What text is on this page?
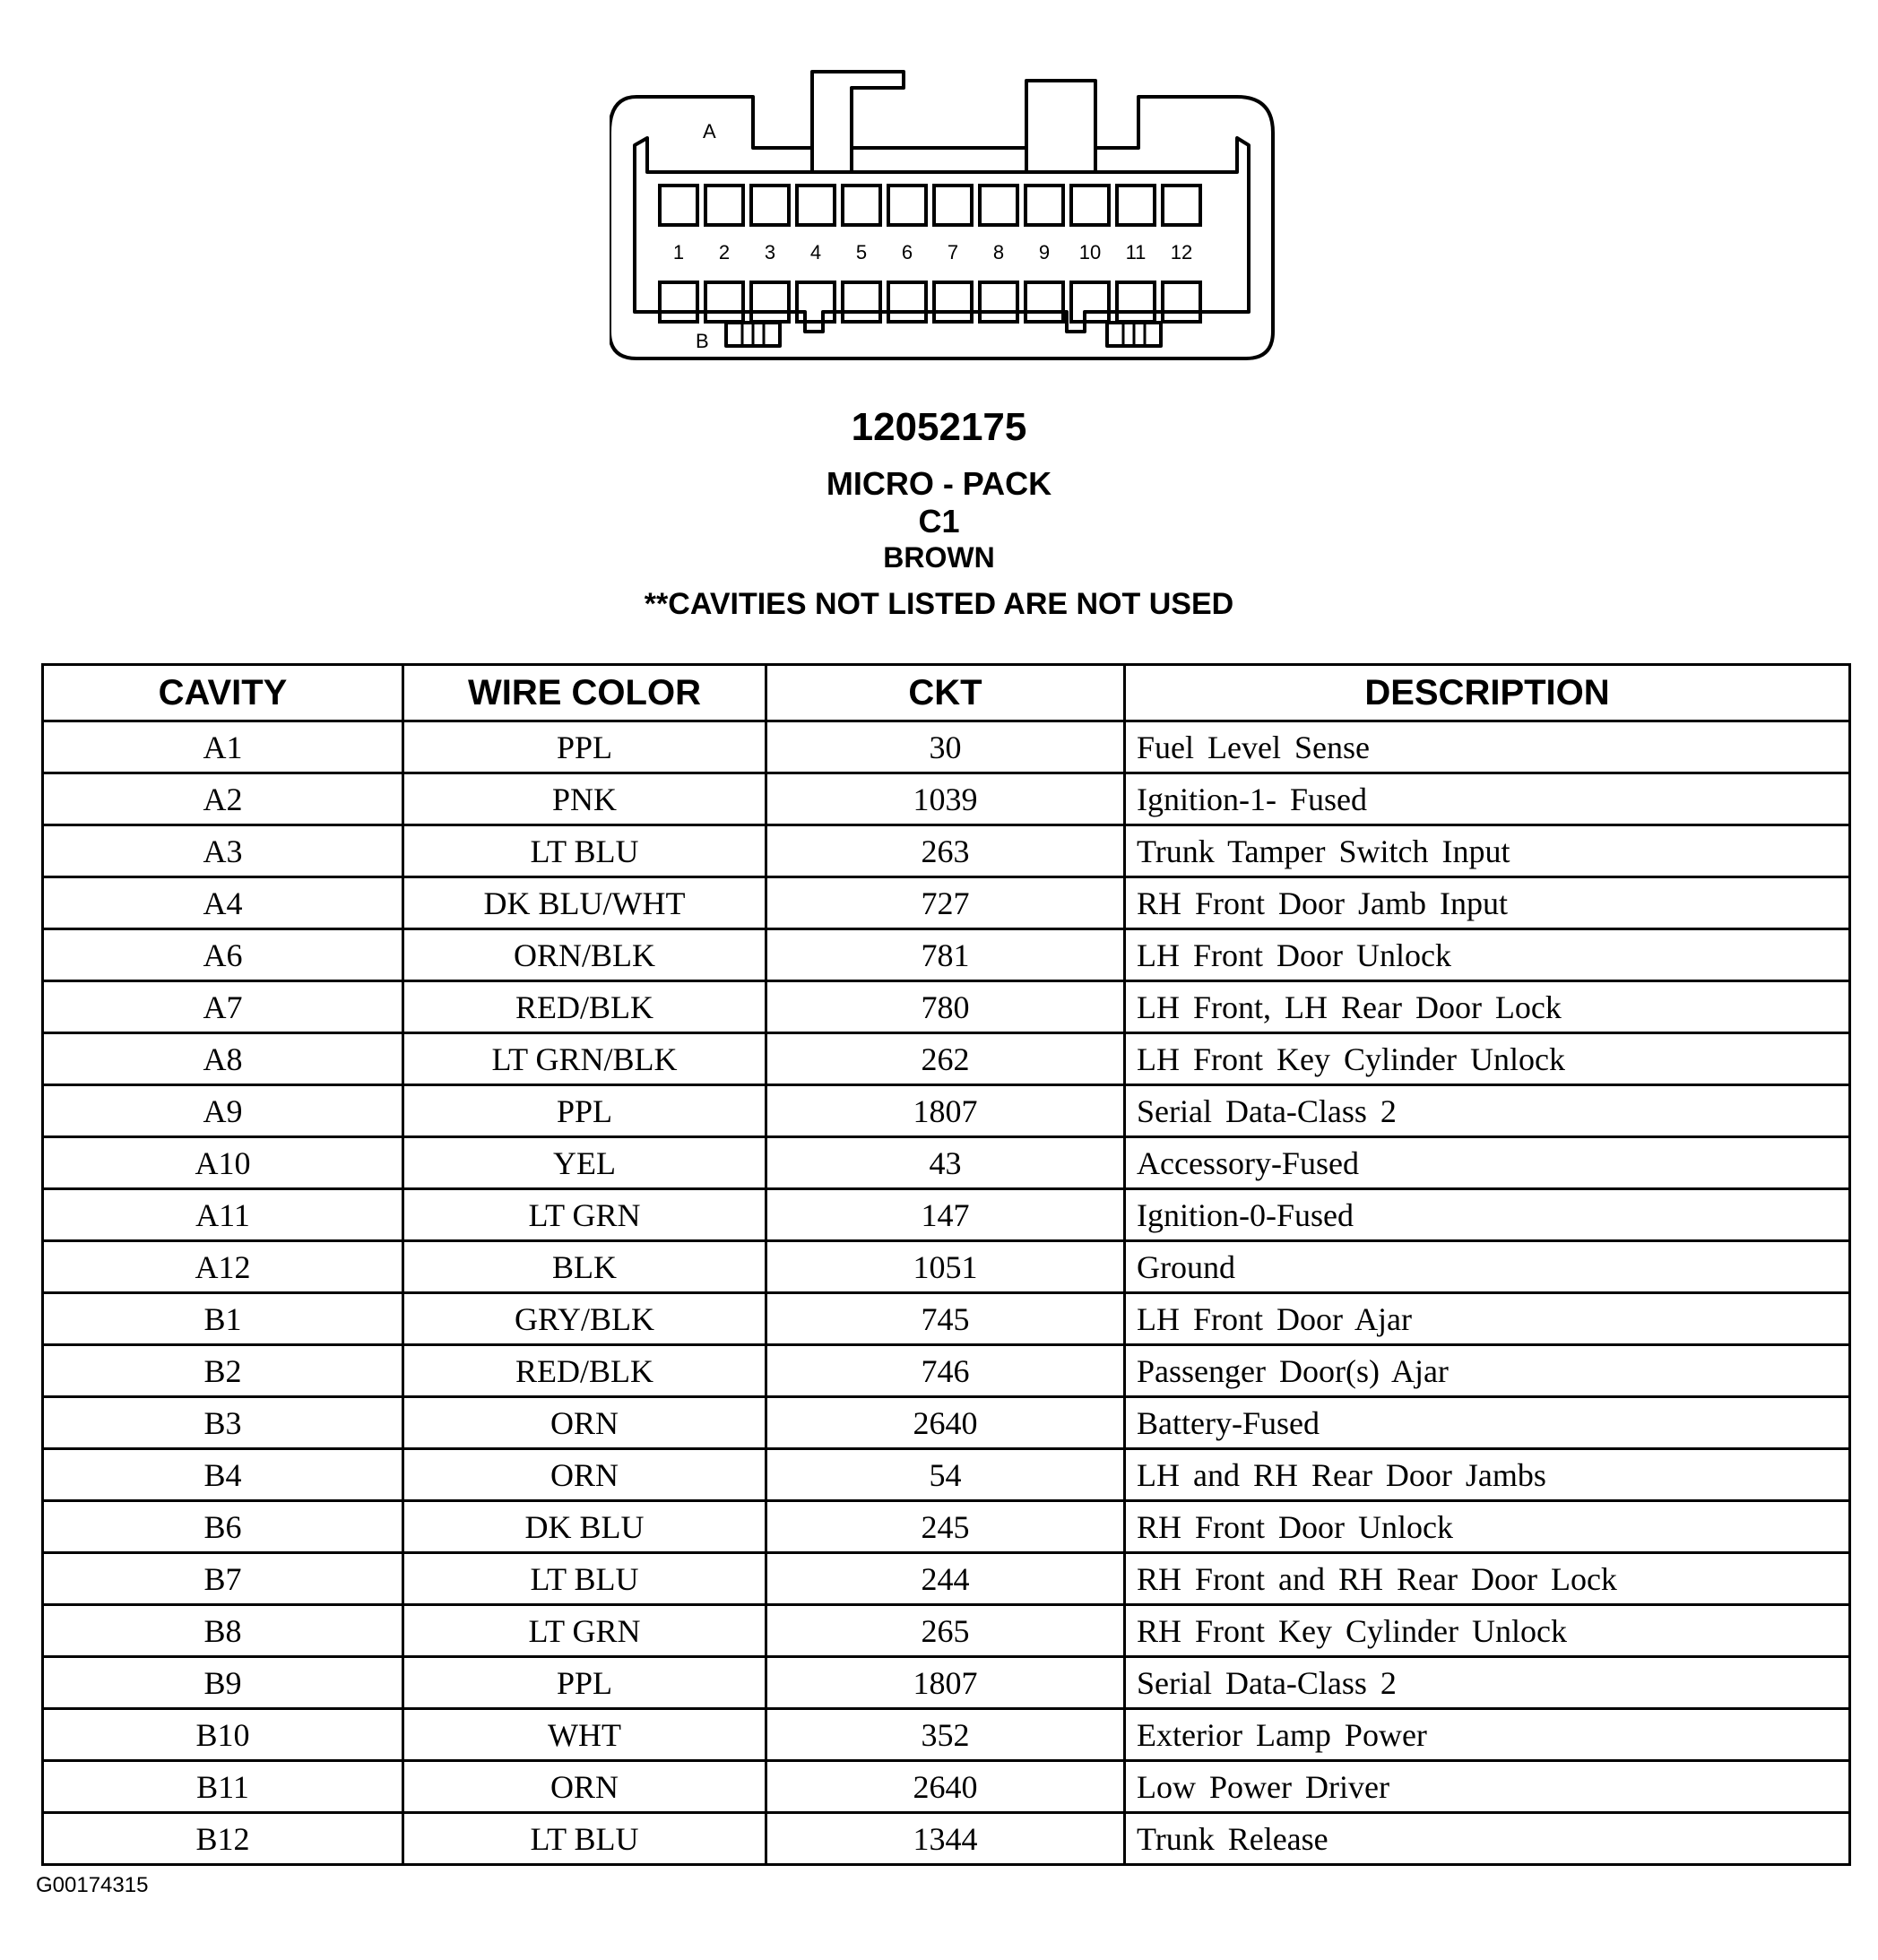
1 2 3 4 5 6 7 8 9 10 11 12
A
B
12052175
MICRO - PACK
C1
BROWN
**CAVITIES NOT LISTED ARE NOT USED
CAVITY	WIRE COLOR	CKT	DESCRIPTION
A1	PPL	30	Fuel Level Sense
A2	PNK	1039	Ignition-1- Fused
A3	LT BLU	263	Trunk Tamper Switch Input
A4	DK BLU/WHT	727	RH Front Door Jamb Input
A6	ORN/BLK	781	LH Front Door Unlock
A7	RED/BLK	780	LH Front, LH Rear Door Lock
A8	LT GRN/BLK	262	LH Front Key Cylinder Unlock
A9	PPL	1807	Serial Data-Class 2
A10	YEL	43	Accessory-Fused
A11	LT GRN	147	Ignition-0-Fused
A12	BLK	1051	Ground
B1	GRY/BLK	745	LH Front Door Ajar
B2	RED/BLK	746	Passenger Door(s) Ajar
B3	ORN	2640	Battery-Fused
B4	ORN	54	LH and RH Rear Door Jambs
B6	DK BLU	245	RH Front Door Unlock
B7	LT BLU	244	RH Front and RH Rear Door Lock
B8	LT GRN	265	RH Front Key Cylinder Unlock
B9	PPL	1807	Serial Data-Class 2
B10	WHT	352	Exterior Lamp Power
B11	ORN	2640	Low Power Driver
B12	LT BLU	1344	Trunk Release
G00174315
